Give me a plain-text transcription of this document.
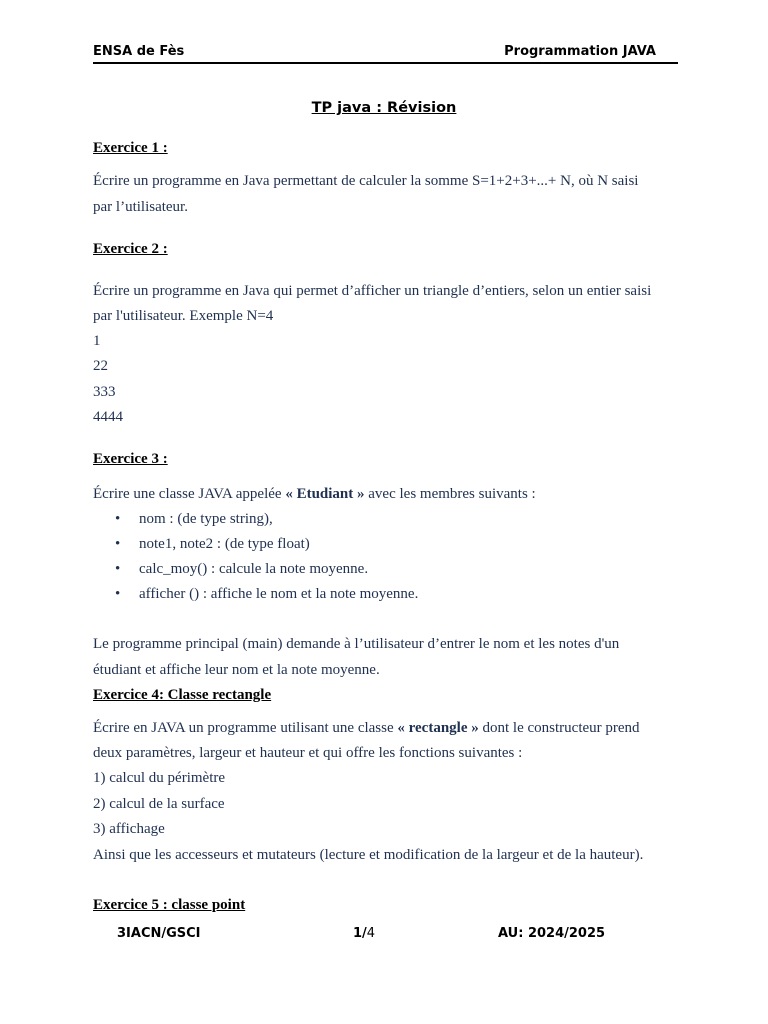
ENSA de Fès	Programmation JAVA
TP java : Révision
Exercice 1 :
Écrire un programme en Java permettant de calculer la somme S=1+2+3+...+ N, où N saisi
par l’utilisateur.
Exercice 2 :
Écrire un programme en Java qui permet d’afficher un triangle d’entiers, selon un entier saisi
par l'utilisateur. Exemple N=4
1
22
333
4444
Exercice 3 :
Écrire une classe JAVA appelée « Etudiant » avec les membres suivants :
• nom : (de type string),
• note1, note2 : (de type float)
• calc_moy() : calcule la note moyenne.
• afficher () : affiche le nom et la note moyenne.
Le programme principal (main) demande à l’utilisateur d’entrer le nom et les notes d'un
étudiant et affiche leur nom et la note moyenne.
Exercice 4: Classe rectangle
Écrire en JAVA un programme utilisant une classe « rectangle » dont le constructeur prend
deux paramètres, largeur et hauteur et qui offre les fonctions suivantes :
1) calcul du périmètre
2) calcul de la surface
3) affichage
Ainsi que les accesseurs et mutateurs (lecture et modification de la largeur et de la hauteur).
Exercice 5 : classe point
3IACN/GSCI	1/4	AU: 2024/2025
